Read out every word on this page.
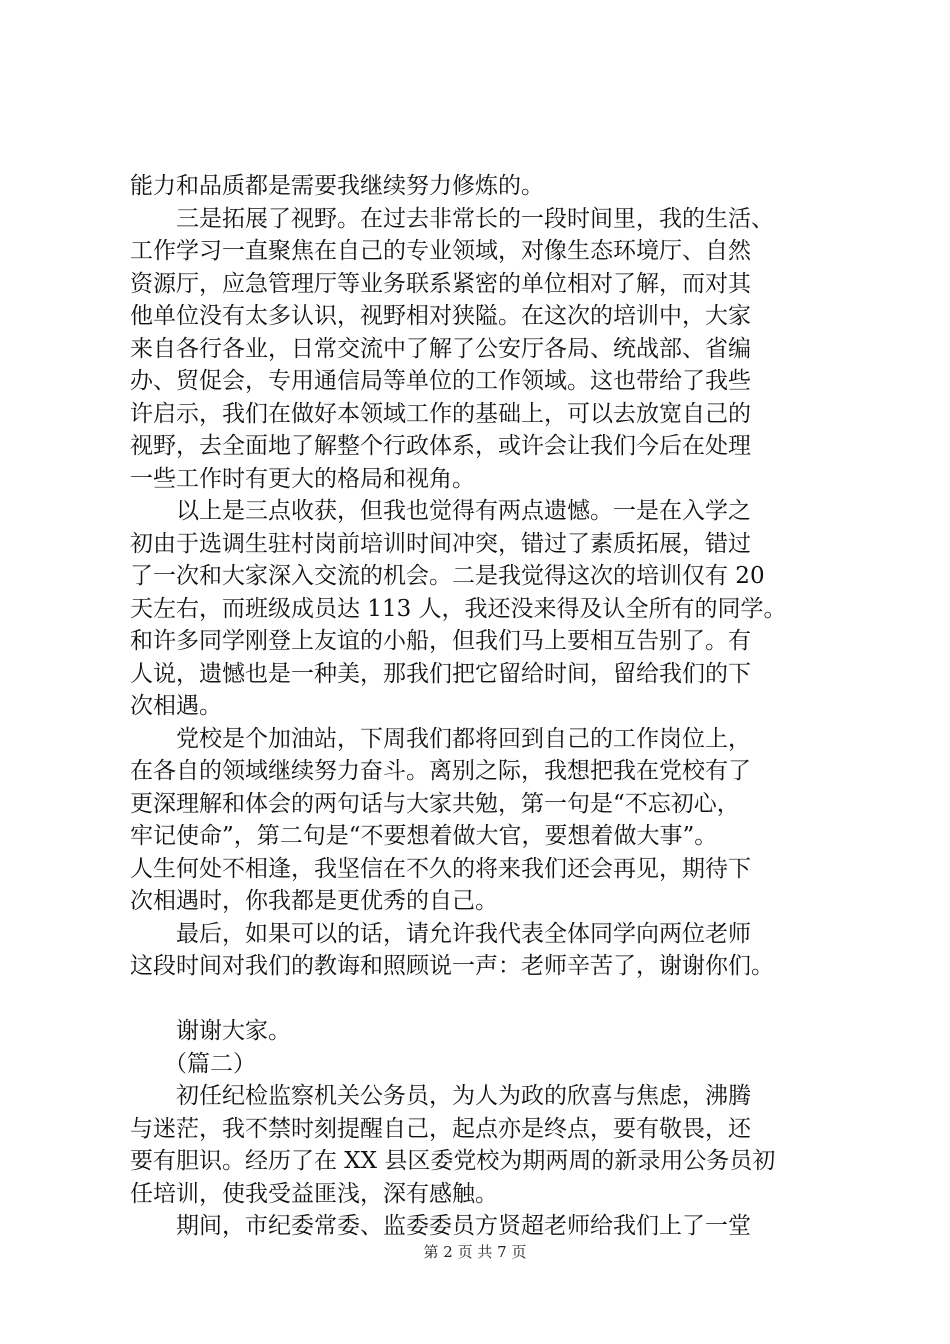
能力和品质都是需要我继续努力修炼的。
三是拓展了视野。在过去非常长的一段时间里，我的生活、
工作学习一直聚焦在自己的专业领域，对像生态环境厅、自然
资源厅，应急管理厅等业务联系紧密的单位相对了解，而对其
他单位没有太多认识，视野相对狭隘。在这次的培训中，大家
来自各行各业，日常交流中了解了公安厅各局、统战部、省编
办、贸促会，专用通信局等单位的工作领域。这也带给了我些
许启示，我们在做好本领域工作的基础上，可以去放宽自己的
视野，去全面地了解整个行政体系，或许会让我们今后在处理
一些工作时有更大的格局和视角。
以上是三点收获，但我也觉得有两点遗憾。一是在入学之
初由于选调生驻村岗前培训时间冲突，错过了素质拓展，错过
了一次和大家深入交流的机会。二是我觉得这次的培训仅有 20
天左右，而班级成员达 113 人，我还没来得及认全所有的同学。
和许多同学刚登上友谊的小船，但我们马上要相互告别了。有
人说，遗憾也是一种美，那我们把它留给时间，留给我们的下
次相遇。
党校是个加油站，下周我们都将回到自己的工作岗位上，
在各自的领域继续努力奋斗。离别之际，我想把我在党校有了
更深理解和体会的两句话与大家共勉，第一句是“不忘初心，
牢记使命”，第二句是“不要想着做大官，要想着做大事”。
人生何处不相逢，我坚信在不久的将来我们还会再见，期待下
次相遇时，你我都是更优秀的自己。
最后，如果可以的话，请允许我代表全体同学向两位老师
这段时间对我们的教诲和照顾说一声：老师辛苦了，谢谢你们。
谢谢大家。
（篇二）
初任纪检监察机关公务员，为人为政的欣喜与焦虑，沸腾
与迷茫，我不禁时刻提醒自己，起点亦是终点，要有敬畏，还
要有胆识。经历了在 XX 县区委党校为期两周的新录用公务员初
任培训，使我受益匪浅，深有感触。
期间，市纪委常委、监委委员方贤超老师给我们上了一堂
第 2 页 共 7 页
